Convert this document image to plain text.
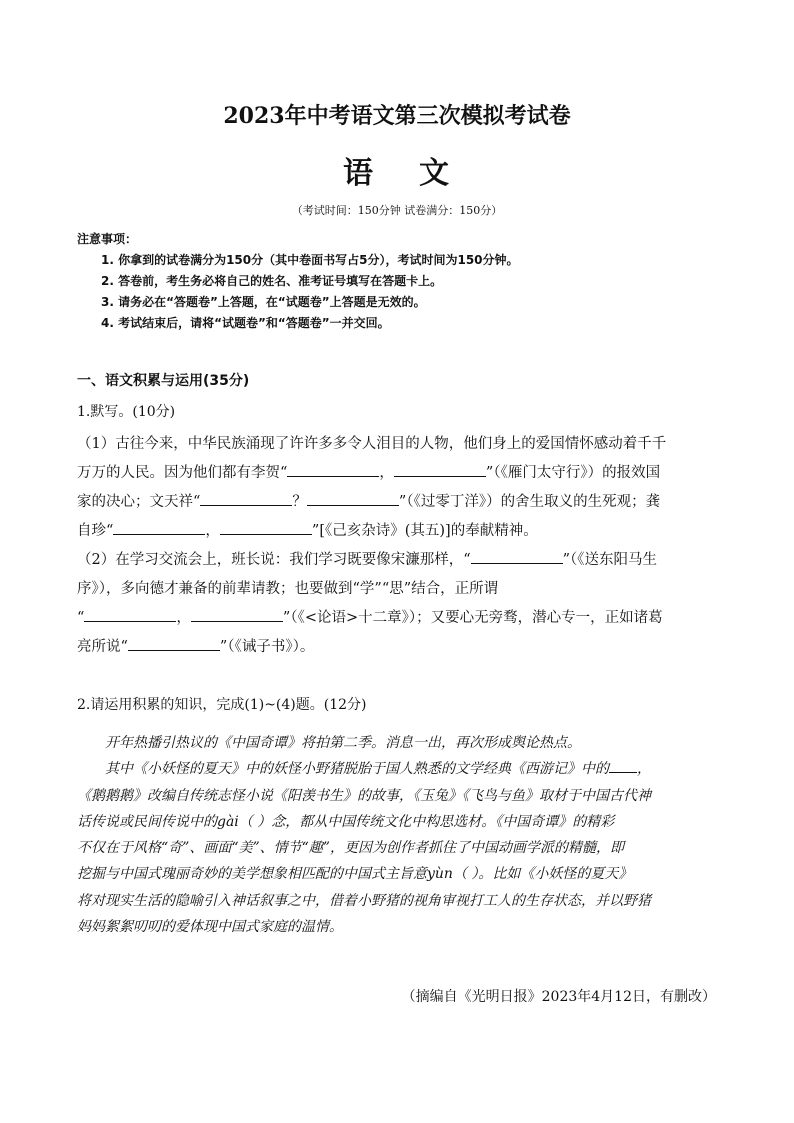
2023年中考语文第三次模拟考试卷
语 文
（考试时间：150分钟 试卷满分：150分）
注意事项：
1. 你拿到的试卷满分为150分（其中卷面书写占5分），考试时间为150分钟。
2. 答卷前，考生务必将自己的姓名、准考证号填写在答题卡上。
3. 请务必在“答题卷”上答题，在“试题卷”上答题是无效的。
4. 考试结束后，请将“试题卷”和“答题卷”一并交回。
一、语文积累与运用(35分)
1.默写。(10分)
（1）古往今来，中华民族涌现了许许多多令人泪目的人物，他们身上的爱国情怀感动着千千
万万的人民。因为他们都有李贺“	，	”（《雁门太守行》）的报效国
家的决心；文天祥“	？	”（《过零丁洋》）的舍生取义的生死观；龚
自珍“	，	”[《己亥杂诗》(其五)]的奉献精神。
（2）在学习交流会上，班长说：我们学习既要像宋濂那样，“	”（《送东阳马生
序》），多向德才兼备的前辈请教；也要做到“学”“思”结合，正所谓
“	，	”（《<论语>十二章》）；又要心无旁骛，潜心专一，正如诸葛
亮所说“	”（《诫子书》）。
2.请运用积累的知识，完成(1)~(4)题。(12分)
开年热播引热议的《中国奇谭》将拍第二季。消息一出，再次形成舆论热点。
其中《小妖怪的夏天》中的妖怪小野猪脱胎于国人熟悉的文学经典《西游记》中的 ，
《鹅鹅鹅》改编自传统志怪小说《阳羡书生》的故事，《玉兔》《飞鸟与鱼》取材于中国古代神
话传说或民间传说中的gài（ ）念，都从中国传统文化中构思选材。《中国奇谭》的精彩
不仅在于风格“奇”、画面“美”、情节“趣”，更因为创作者抓住了中国动画学派的精髓，即
挖掘与中国式瑰丽奇妙的美学想象相匹配的中国式主旨意yùn（ ）。比如《小妖怪的夏天》
将对现实生活的隐喻引入神话叙事之中，借着小野猪的视角审视打工人的生存状态，并以野猪
妈妈絮絮叨叨的爱体现中国式家庭的温情。
（摘编自《光明日报》2023年4月12日，有删改）
